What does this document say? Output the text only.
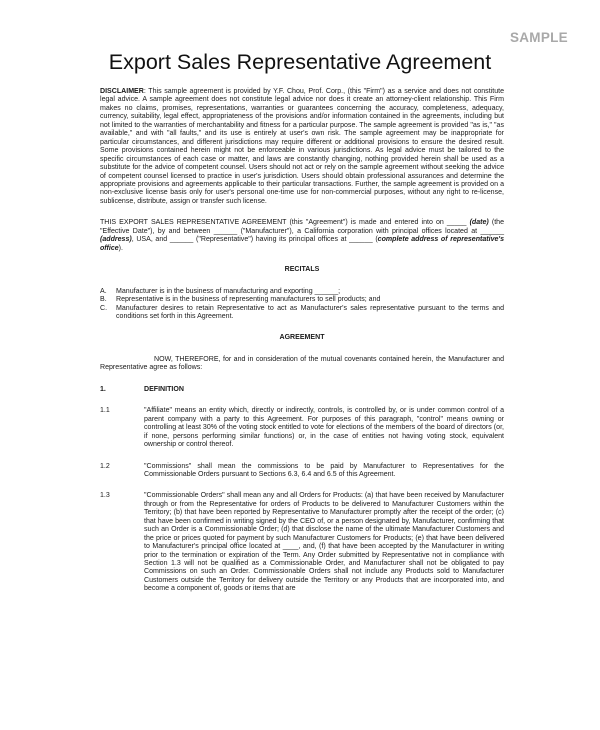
SAMPLE
Export Sales Representative Agreement

DISCLAIMER: This sample agreement is provided by Y.F. Chou, Prof. Corp., (this "Firm") as a service and does not constitute legal advice. A sample agreement does not constitute legal advice nor does it create an attorney-client relationship. This Firm makes no claims, promises, representations, warranties or guarantees concerning the accuracy, completeness, adequacy, currency, suitability, legal effect, appropriateness of the provisions and/or information contained in the agreements, including but not limited to the warranties of merchantability and fitness for a particular purpose. The sample agreement is provided "as is," "as available," and with "all faults," and its use is entirely at user's own risk. The sample agreement may be inappropriate for particular circumstances, and different jurisdictions may require different or additional provisions to ensure the desired result. Some provisions contained herein might not be enforceable in various jurisdictions. As legal advice must be tailored to the specific circumstances of each case or matter, and laws are constantly changing, nothing provided herein shall be used as a substitute for the advice of competent counsel. Users should not act or rely on the sample agreement without seeking the advice of competent counsel licensed to practice in user's jurisdiction. Users should obtain professional assurances and determine the appropriate provisions and agreements applicable to their particular transactions. Further, the sample agreement is provided on a non-exclusive license basis only for user's personal one-time use for non-commercial purposes, without any right to re-license, sublicense, distribute, assign or transfer such license.

THIS EXPORT SALES REPRESENTATIVE AGREEMENT (this "Agreement") is made and entered into on _____ (date) (the "Effective Date"), by and between ______ ("Manufacturer"), a California corporation with principal offices located at ______ (address), USA, and ______ ("Representative") having its principal offices at ______ (complete address of representative's office).

RECITALS
A.	Manufacturer is in the business of manufacturing and exporting ______;
B.	Representative is in the business of representing manufacturers to sell products; and
C.	Manufacturer desires to retain Representative to act as Manufacturer's sales representative pursuant to the terms and conditions set forth in this Agreement.
AGREEMENT

NOW, THEREFORE, for and in consideration of the mutual covenants contained herein, the Manufacturer and Representative agree as follows:

1.	DEFINITION
1.1	"Affiliate" means an entity which, directly or indirectly, controls, is controlled by, or is under common control of a parent company with a party to this Agreement. For purposes of this paragraph, "control" means owning or controlling at least 30% of the voting stock entitled to vote for elections of the members of the board of directors (or, if none, persons performing similar functions) or, in the case of entities not having voting stock, equivalent ownership or control thereof.
1.2	"Commissions" shall mean the commissions to be paid by Manufacturer to Representatives for the Commissionable Orders pursuant to Sections 6.3, 6.4 and 6.5 of this Agreement.
1.3	"Commissionable Orders" shall mean any and all Orders for Products: (a) that have been received by Manufacturer through or from the Representative for orders of Products to be delivered to Manufacturer Customers within the Territory; (b) that have been reported by Representative to Manufacturer promptly after the receipt of the order; (c) that have been confirmed in writing signed by the CEO of, or a person designated by, Manufacturer, confirming that such an Order is a Commissionable Order; (d) that disclose the name of the ultimate Manufacturer Customers and the price or prices quoted for payment by such Manufacturer Customers for Products; (e) that have been delivered to Manufacturer's principal office located at ____, and, (f) that have been accepted by the Manufacturer in writing prior to the termination or expiration of the Term. Any Order submitted by Representative not in compliance with Section 1.3 will not be qualified as a Commissionable Order, and Manufacturer shall not be obligated to pay Commissions on such an Order. Commissionable Orders shall not include any Products sold to Manufacturer Customers outside the Territory for delivery outside the Territory or any Products that are incorporated into, and become a component of, goods or items that are
